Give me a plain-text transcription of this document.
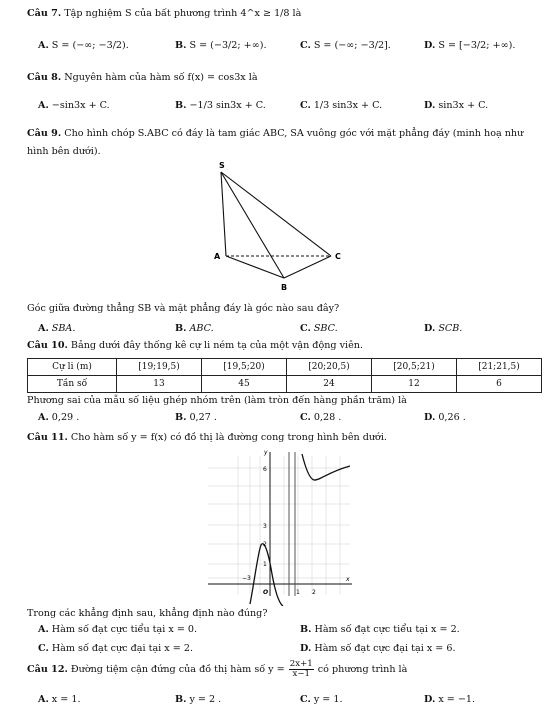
Câu 7. Tập nghiệm S của bất phương trình 4^x ≥ 1/8 là
A. S = (−∞; −3/2).	B. S = (−3/2; +∞).	C. S = (−∞; −3/2].	D. S = [−3/2; +∞).
Câu 8. Nguyên hàm của hàm số f(x) = cos3x là
A. −sin3x + C.	B. −1/3 sin3x + C.	C. 1/3 sin3x + C.	D. sin3x + C.
Câu 9. Cho hình chóp S.ABC có đáy là tam giác ABC, SA vuông góc với mặt phẳng đáy (minh hoạ như
hình bên dưới).
S
A
B
C
Góc giữa đường thẳng SB và mặt phẳng đáy là góc nào sau đây?
A. SBA.	B. ABC.	C. SBC.	D. SCB.
Câu 10. Bảng dưới đây thống kê cự li ném tạ của một vận động viên.
Cự li (m)	[19;19,5)	[19,5;20)	[20;20,5)	[20,5;21)	[21;21,5)
Tần số	13	45	24	12	6
Phương sai của mẫu số liệu ghép nhóm trên (làm tròn đến hàng phần trăm) là
A. 0,29 .	B. 0,27 .	C. 0,28 .	D. 0,26 .
Câu 11. Cho hàm số y = f(x) có đồ thị là đường cong trong hình bên dưới.
y
x
O
6
3
2
1
−3
1 2
Trong các khẳng định sau, khẳng định nào đúng?
A. Hàm số đạt cực tiểu tại x = 0.	B. Hàm số đạt cực tiểu tại x = 2.
C. Hàm số đạt cực đại tại x = 2.	D. Hàm số đạt cực đại tại x = 6.
Câu 12. Đường tiệm cận đứng của đồ thị hàm số $y = \frac{2x+1}{x-1}$ có phương trình là
A. x = 1.	B. y = 2 .	C. y = 1.	D. x = −1.
